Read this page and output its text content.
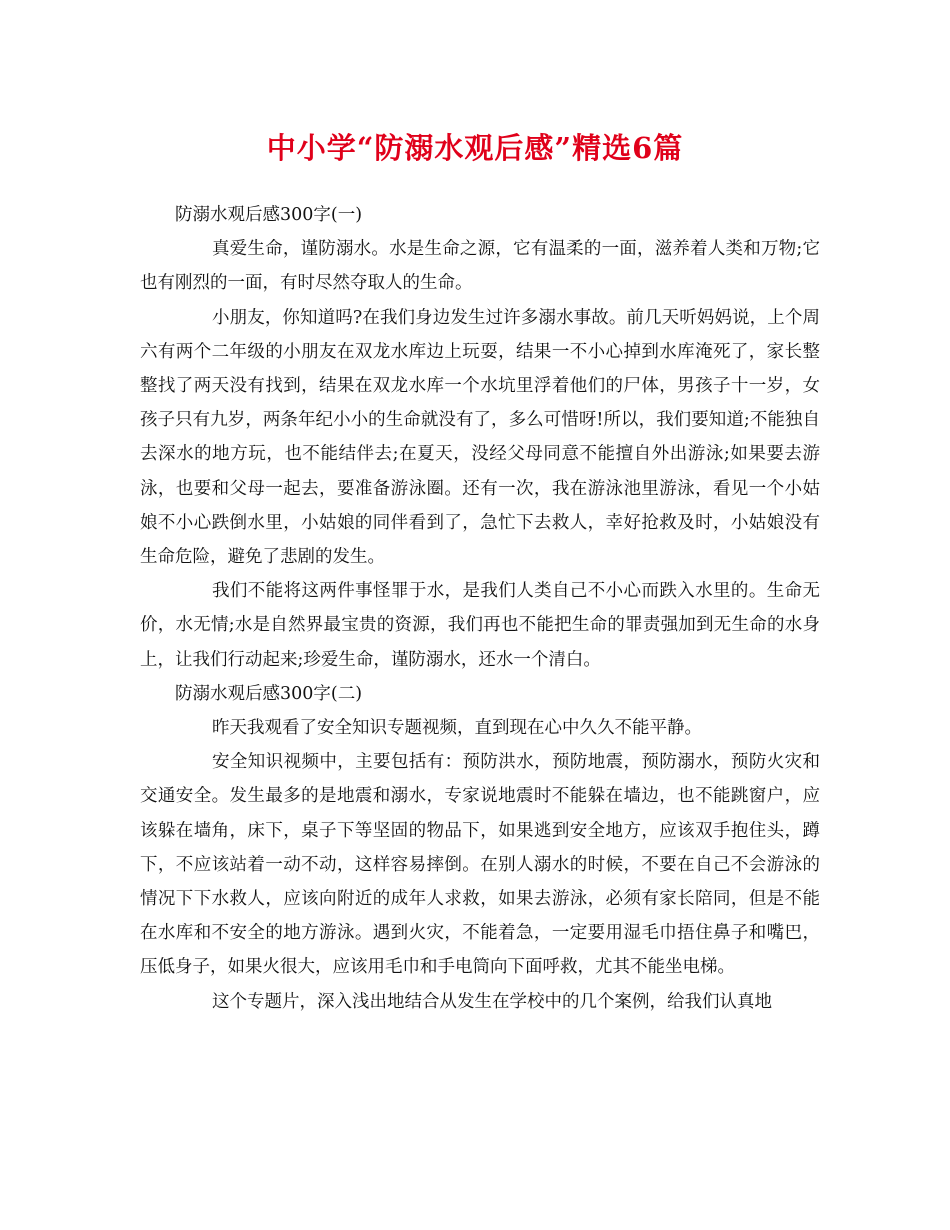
中小学“防溺水观后感”精选6篇

防溺水观后感300字(一)

真爱生命，谨防溺水。水是生命之源，它有温柔的一面，滋养着人类和万物;它也有刚烈的一面，有时尽然夺取人的生命。

小朋友，你知道吗?在我们身边发生过许多溺水事故。前几天听妈妈说，上个周六有两个二年级的小朋友在双龙水库边上玩耍，结果一不小心掉到水库淹死了，家长整整找了两天没有找到，结果在双龙水库一个水坑里浮着他们的尸体，男孩子十一岁，女孩子只有九岁，两条年纪小小的生命就没有了，多么可惜呀!所以，我们要知道;不能独自去深水的地方玩，也不能结伴去;在夏天，没经父母同意不能擅自外出游泳;如果要去游泳，也要和父母一起去，要准备游泳圈。还有一次，我在游泳池里游泳，看见一个小姑娘不小心跌倒水里，小姑娘的同伴看到了，急忙下去救人，幸好抢救及时，小姑娘没有生命危险，避免了悲剧的发生。

我们不能将这两件事怪罪于水，是我们人类自己不小心而跌入水里的。生命无价，水无情;水是自然界最宝贵的资源，我们再也不能把生命的罪责强加到无生命的水身上，让我们行动起来;珍爱生命，谨防溺水，还水一个清白。

防溺水观后感300字(二)

昨天我观看了安全知识专题视频，直到现在心中久久不能平静。

安全知识视频中，主要包括有：预防洪水，预防地震，预防溺水，预防火灾和交通安全。发生最多的是地震和溺水，专家说地震时不能躲在墙边，也不能跳窗户，应该躲在墙角，床下，桌子下等坚固的物品下，如果逃到安全地方，应该双手抱住头，蹲下，不应该站着一动不动，这样容易摔倒。在别人溺水的时候，不要在自己不会游泳的情况下下水救人，应该向附近的成年人求救，如果去游泳，必须有家长陪同，但是不能在水库和不安全的地方游泳。遇到火灾，不能着急，一定要用湿毛巾捂住鼻子和嘴巴，压低身子，如果火很大，应该用毛巾和手电筒向下面呼救，尤其不能坐电梯。

这个专题片，深入浅出地结合从发生在学校中的几个案例，给我们认真地
